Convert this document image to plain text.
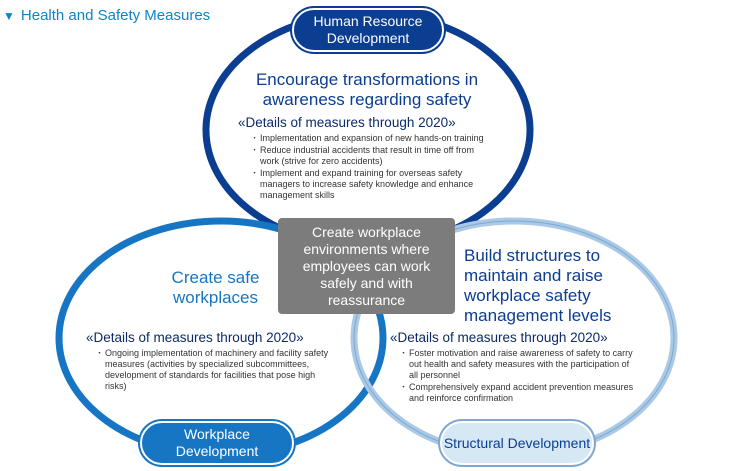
▼ Health and Safety Measures	Human Resource Development
Workplace Development
Structural Development
Encourage transformations in awareness regarding safety
«Details of measures through 2020»
・ Implementation and expansion of new hands-on training
・ Reduce industrial accidents that result in time off from work (strive for zero accidents)
・ Implement and expand training for overseas safety managers to increase safety knowledge and enhance management skills
Create safe workplaces
«Details of measures through 2020»
・ Ongoing implementation of machinery and facility safety measures (activities by specialized subcommittees, development of standards for facilities that pose high risks)
Build structures to maintain and raise workplace safety management levels
«Details of measures through 2020»
・ Foster motivation and raise awareness of safety to carry out health and safety measures with the participation of all personnel
・ Comprehensively expand accident prevention measures and reinforce confirmation
Create workplace environments where employees can work safely and with reassurance
